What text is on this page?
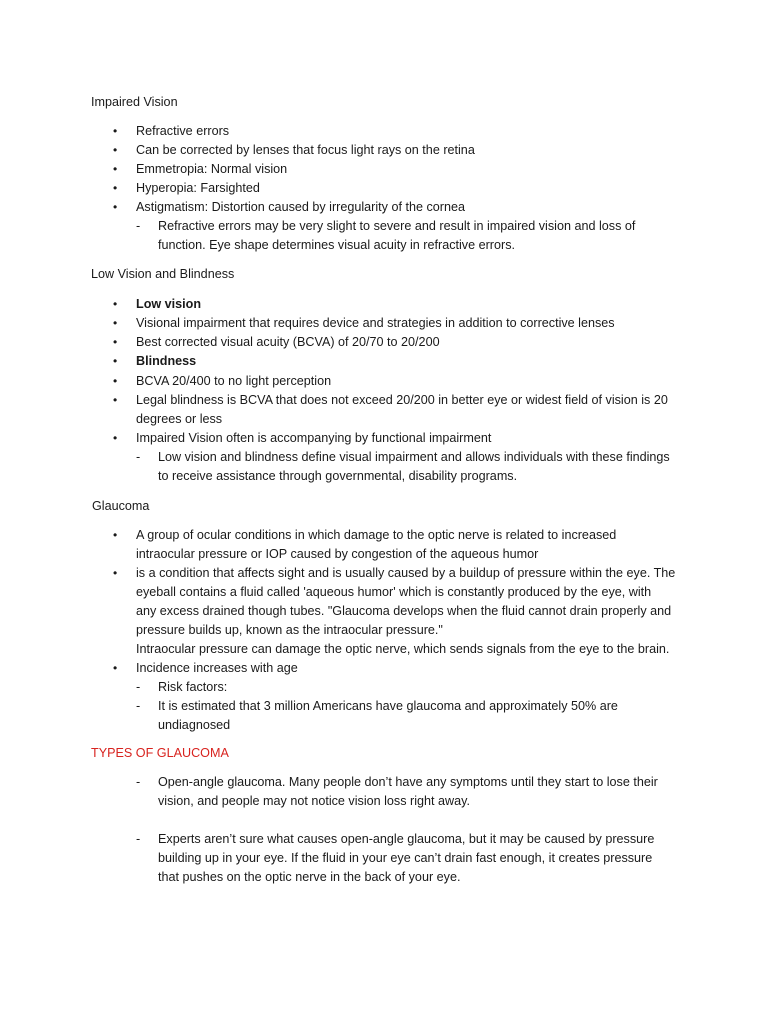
Impaired Vision
• Refractive errors
• Can be corrected by lenses that focus light rays on the retina
• Emmetropia: Normal vision
• Hyperopia: Farsighted
• Astigmatism: Distortion caused by irregularity of the cornea
- Refractive errors may be very slight to severe and result in impaired vision and loss of
function. Eye shape determines visual acuity in refractive errors.
Low Vision and Blindness
• Low vision
• Visional impairment that requires device and strategies in addition to corrective lenses
• Best corrected visual acuity (BCVA) of 20/70 to 20/200
• Blindness
• BCVA 20/400 to no light perception
• Legal blindness is BCVA that does not exceed 20/200 in better eye or widest field of vision is 20
degrees or less
• Impaired Vision often is accompanying by functional impairment
- Low vision and blindness define visual impairment and allows individuals with these findings
to receive assistance through governmental, disability programs.
Glaucoma
• A group of ocular conditions in which damage to the optic nerve is related to increased
intraocular pressure or IOP caused by congestion of the aqueous humor
• is a condition that affects sight and is usually caused by a buildup of pressure within the eye. The
eyeball contains a fluid called 'aqueous humor' which is constantly produced by the eye, with
any excess drained though tubes. "Glaucoma develops when the fluid cannot drain properly and
pressure builds up, known as the intraocular pressure."
Intraocular pressure can damage the optic nerve, which sends signals from the eye to the brain.
• Incidence increases with age
- Risk factors:
- It is estimated that 3 million Americans have glaucoma and approximately 50% are
undiagnosed
TYPES OF GLAUCOMA
- Open-angle glaucoma. Many people don’t have any symptoms until they start to lose their
vision, and people may not notice vision loss right away.
- Experts aren’t sure what causes open-angle glaucoma, but it may be caused by pressure
building up in your eye. If the fluid in your eye can’t drain fast enough, it creates pressure
that pushes on the optic nerve in the back of your eye.
